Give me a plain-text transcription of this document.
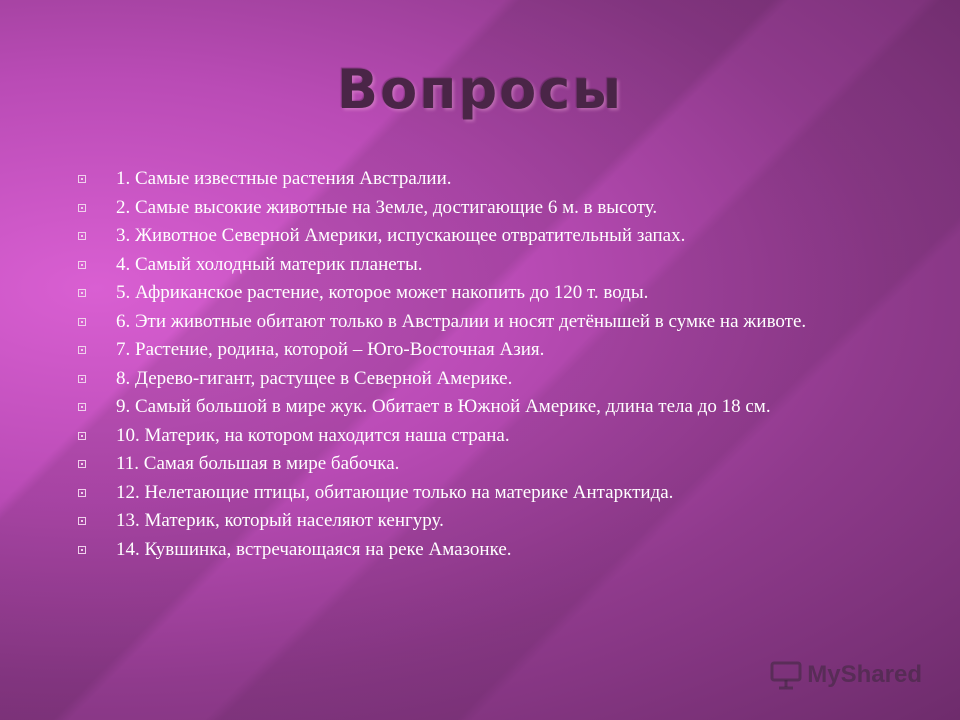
Вопросы
1. Самые известные растения Австралии.
2. Самые высокие животные на Земле, достигающие 6 м. в высоту.
3. Животное Северной Америки, испускающее отвратительный запах.
4. Самый холодный материк планеты.
5. Африканское растение, которое может накопить до 120 т. воды.
6. Эти животные обитают только в Австралии и носят детёнышей в сумке на животе.
7. Растение, родина, которой – Юго-Восточная Азия.
8. Дерево-гигант, растущее в Северной Америке.
9. Самый большой в мире жук. Обитает в Южной Америке, длина тела до 18 см.
10. Материк, на котором находится наша страна.
11. Самая большая в мире бабочка.
12. Нелетающие птицы, обитающие только на материке Антарктида.
13. Материк, который населяют кенгуру.
14. Кувшинка, встречающаяся на реке Амазонке.
MyShared
